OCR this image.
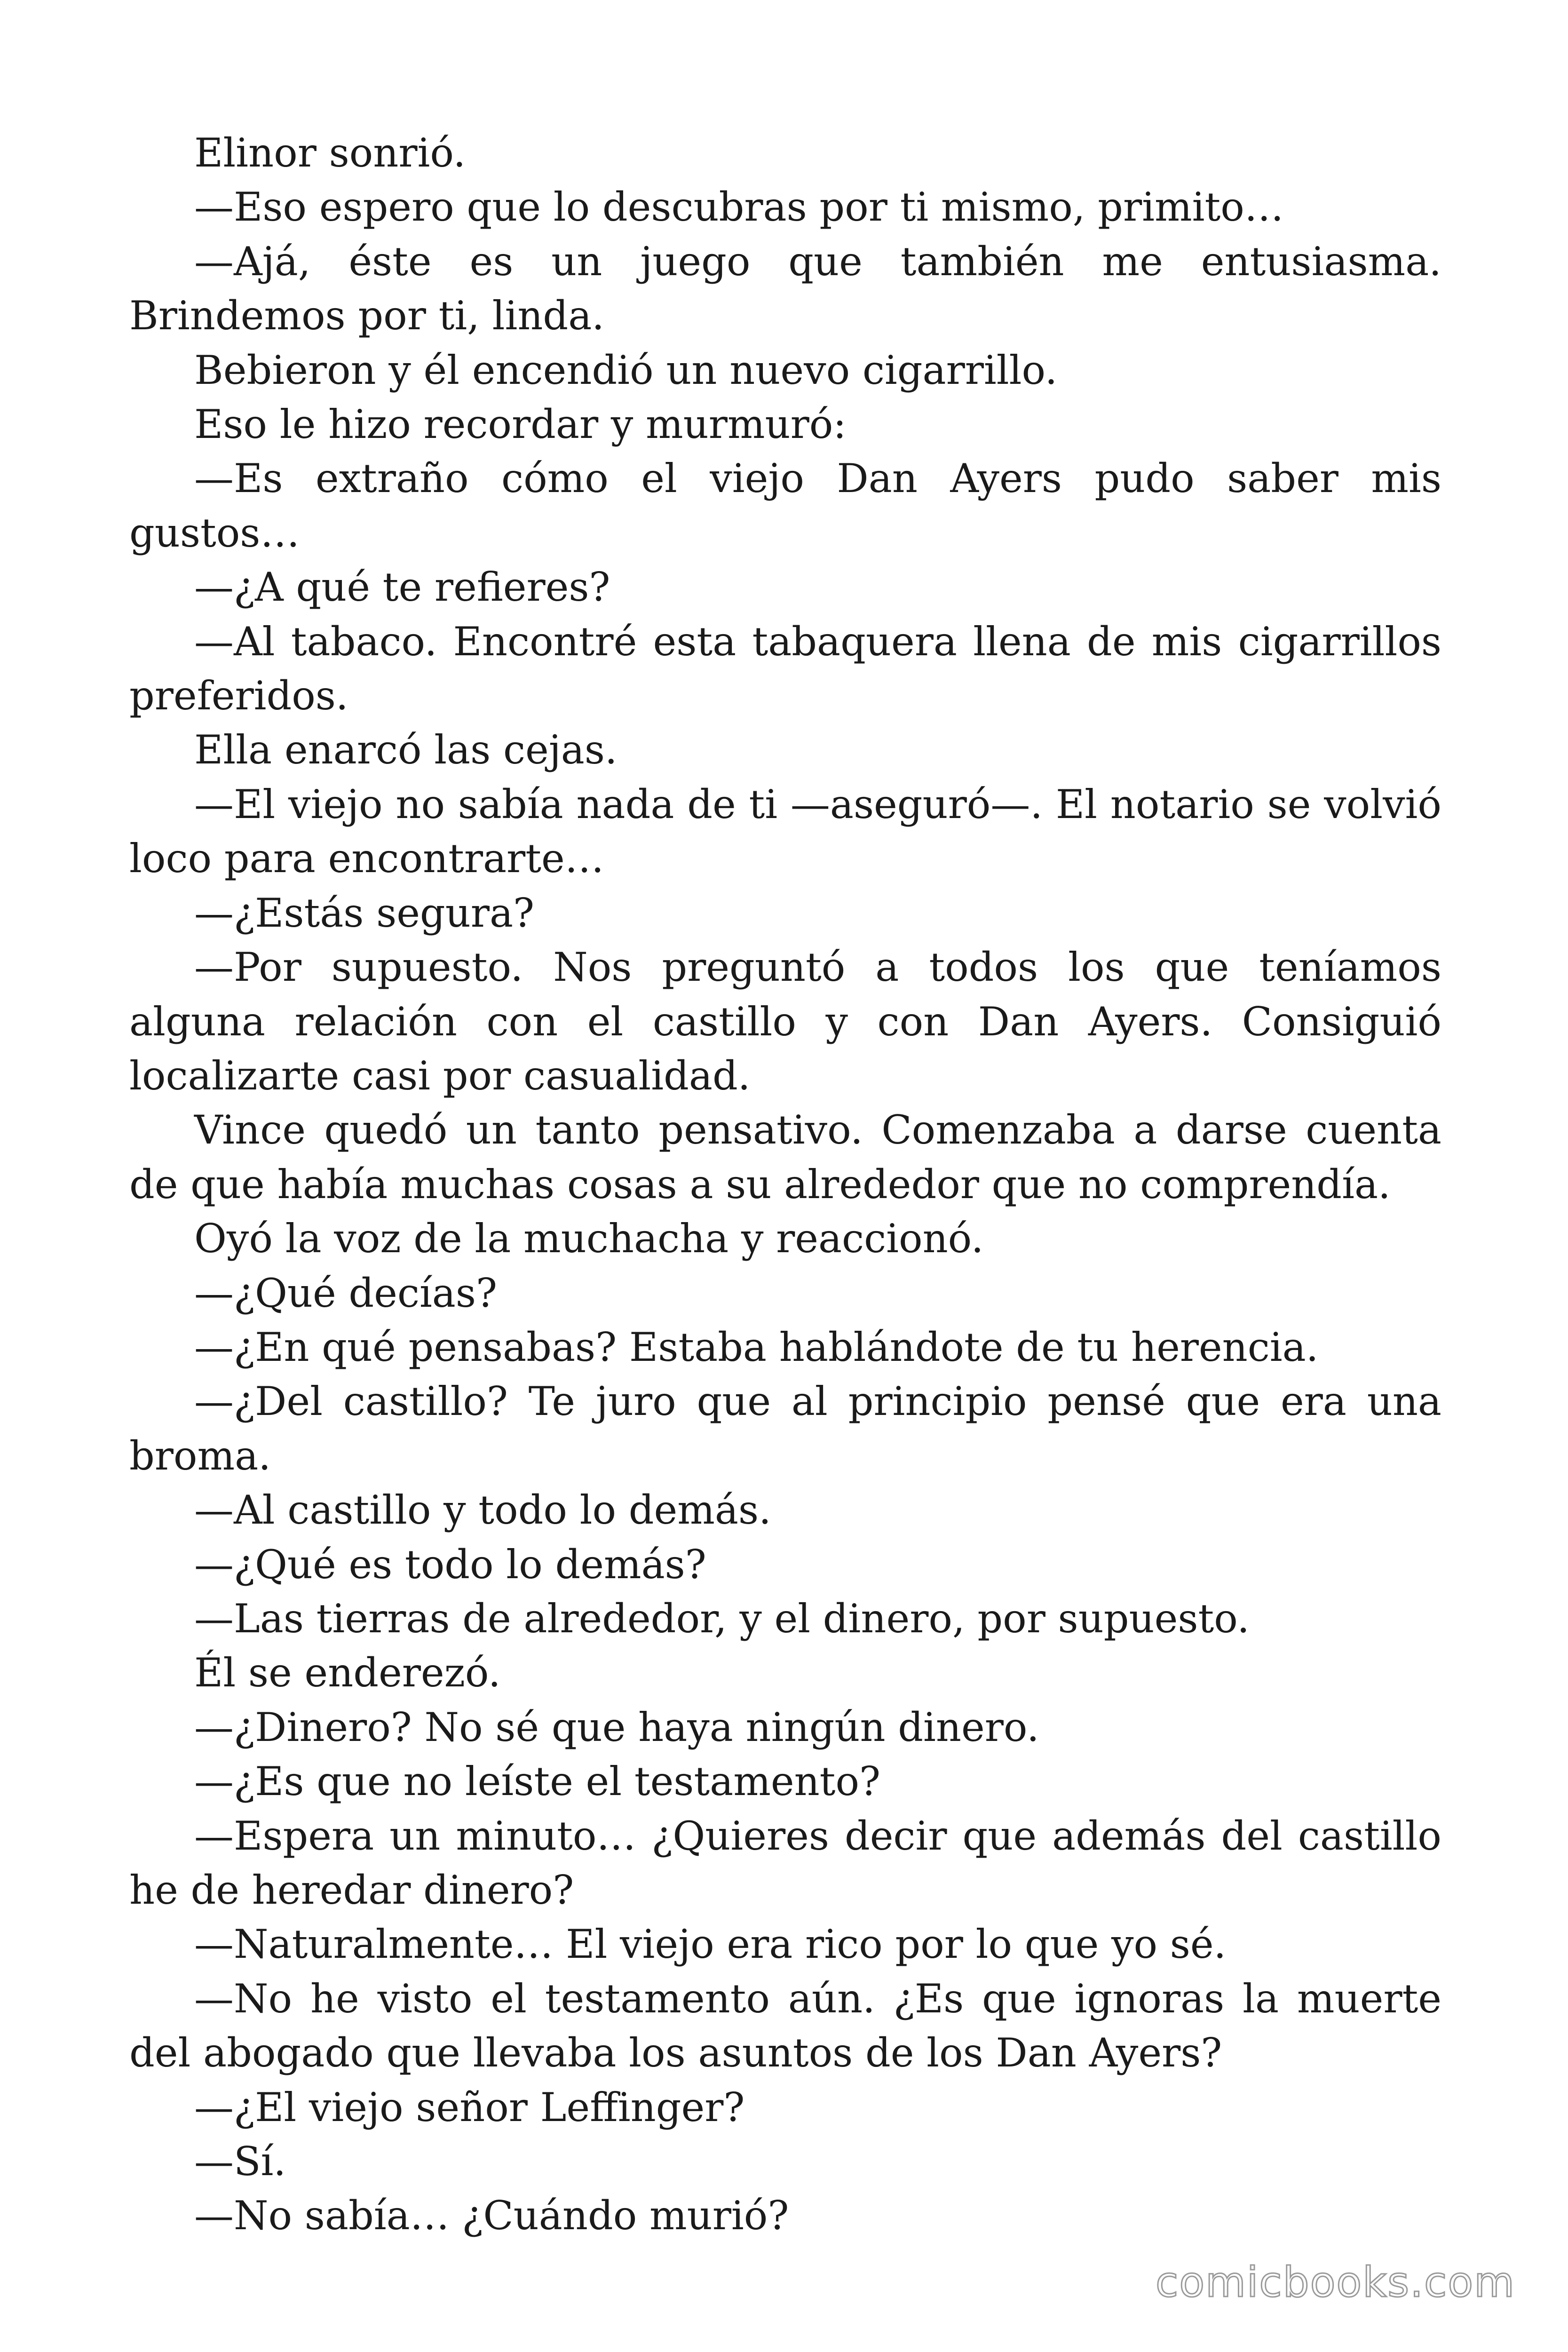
Elinor sonrió.

—Eso espero que lo descubras por ti mismo, primito…

—Ajá, éste es un juego que también me entusiasma. Brindemos por ti, linda.

Bebieron y él encendió un nuevo cigarrillo.

Eso le hizo recordar y murmuró:

—Es extraño cómo el viejo Dan Ayers pudo saber mis gustos…

—¿A qué te refieres?

—Al tabaco. Encontré esta tabaquera llena de mis cigarrillos preferidos.

Ella enarcó las cejas.

—El viejo no sabía nada de ti —aseguró—. El notario se volvió loco para encontrarte…

—¿Estás segura?

—Por supuesto. Nos preguntó a todos los que teníamos alguna relación con el castillo y con Dan Ayers. Consiguió localizarte casi por casualidad.

Vince quedó un tanto pensativo. Comenzaba a darse cuenta de que había muchas cosas a su alrededor que no comprendía.

Oyó la voz de la muchacha y reaccionó.

—¿Qué decías?

—¿En qué pensabas? Estaba hablándote de tu herencia.

—¿Del castillo? Te juro que al principio pensé que era una broma.

—Al castillo y todo lo demás.

—¿Qué es todo lo demás?

—Las tierras de alrededor, y el dinero, por supuesto.

Él se enderezó.

—¿Dinero? No sé que haya ningún dinero.

—¿Es que no leíste el testamento?

—Espera un minuto… ¿Quieres decir que además del castillo he de heredar dinero?

—Naturalmente… El viejo era rico por lo que yo sé.

—No he visto el testamento aún. ¿Es que ignoras la muerte del abogado que llevaba los asuntos de los Dan Ayers?

—¿El viejo señor Leffinger?

—Sí.

—No sabía… ¿Cuándo murió?

comicbooks.com
